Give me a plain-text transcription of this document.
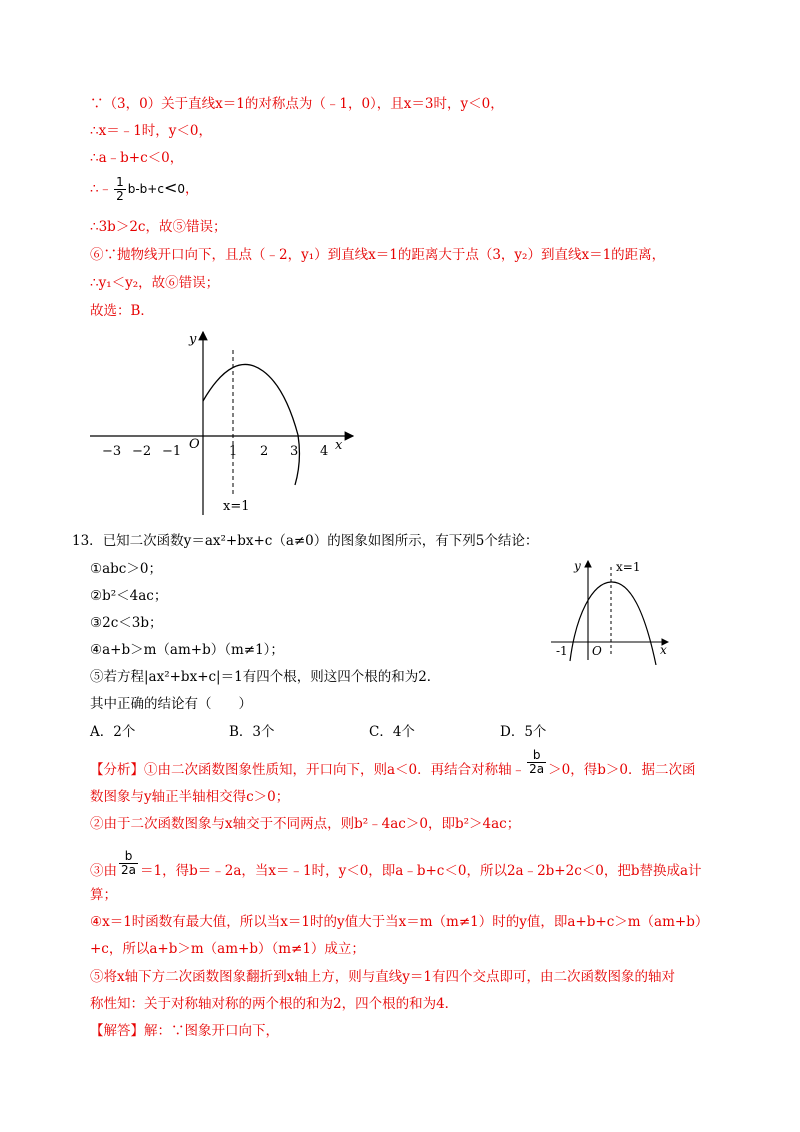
∵（3，0）关于直线x＝1的对称点为（﹣1，0），且x＝3时，y＜0，
∴x＝﹣1时，y＜0，
∴a﹣b+c＜0，
∴﹣ $\frac{1}{2} b-b+c<0$，
∴3b＞2c，故⑤错误；
⑥∵抛物线开口向下，且点（﹣2，y₁）到直线x＝1的距离大于点（3，y₂）到直线x＝1的距离，
∴y₁＜y₂，故⑥错误；
故选：B．
−3 −2 −1	1 2 3 4
O	x
y
x=1
13．已知二次函数y＝ax²+bx+c（a≠0）的图象如图所示，有下列5个结论：
①abc＞0；
②b²＜4ac；
③2c＜3b；
④a+b＞m（am+b）（m≠1）；
⑤若方程|ax²+bx+c|＝1有四个根，则这四个根的和为2．
其中正确的结论有（　　）
A．2个	B．3个	C．4个	D．5个
y	x=1
-1 O	x
【分析】①由二次函数图象性质知，开口向下，则a＜0．再结合对称轴﹣ $\frac{b}{2a} >0$，得b＞0．据二次函
数图象与y轴正半轴相交得c＞0；
②由于二次函数图象与x轴交于不同两点，则b²﹣4ac＞0，即b²＞4ac；
③由 $\frac{b}{2a} =1$，得b＝﹣2a，当x＝﹣1时，y＜0，即a﹣b+c＜0，所以2a﹣2b+2c＜0，把b替换成a计
算；
④x＝1时函数有最大值，所以当x＝1时的y值大于当x＝m（m≠1）时的y值，即a+b+c＞m（am+b）
+c，所以a+b＞m（am+b）（m≠1）成立；
⑤将x轴下方二次函数图象翻折到x轴上方，则与直线y＝1有四个交点即可，由二次函数图象的轴对
称性知：关于对称轴对称的两个根的和为2，四个根的和为4．
【解答】解：∵图象开口向下，
